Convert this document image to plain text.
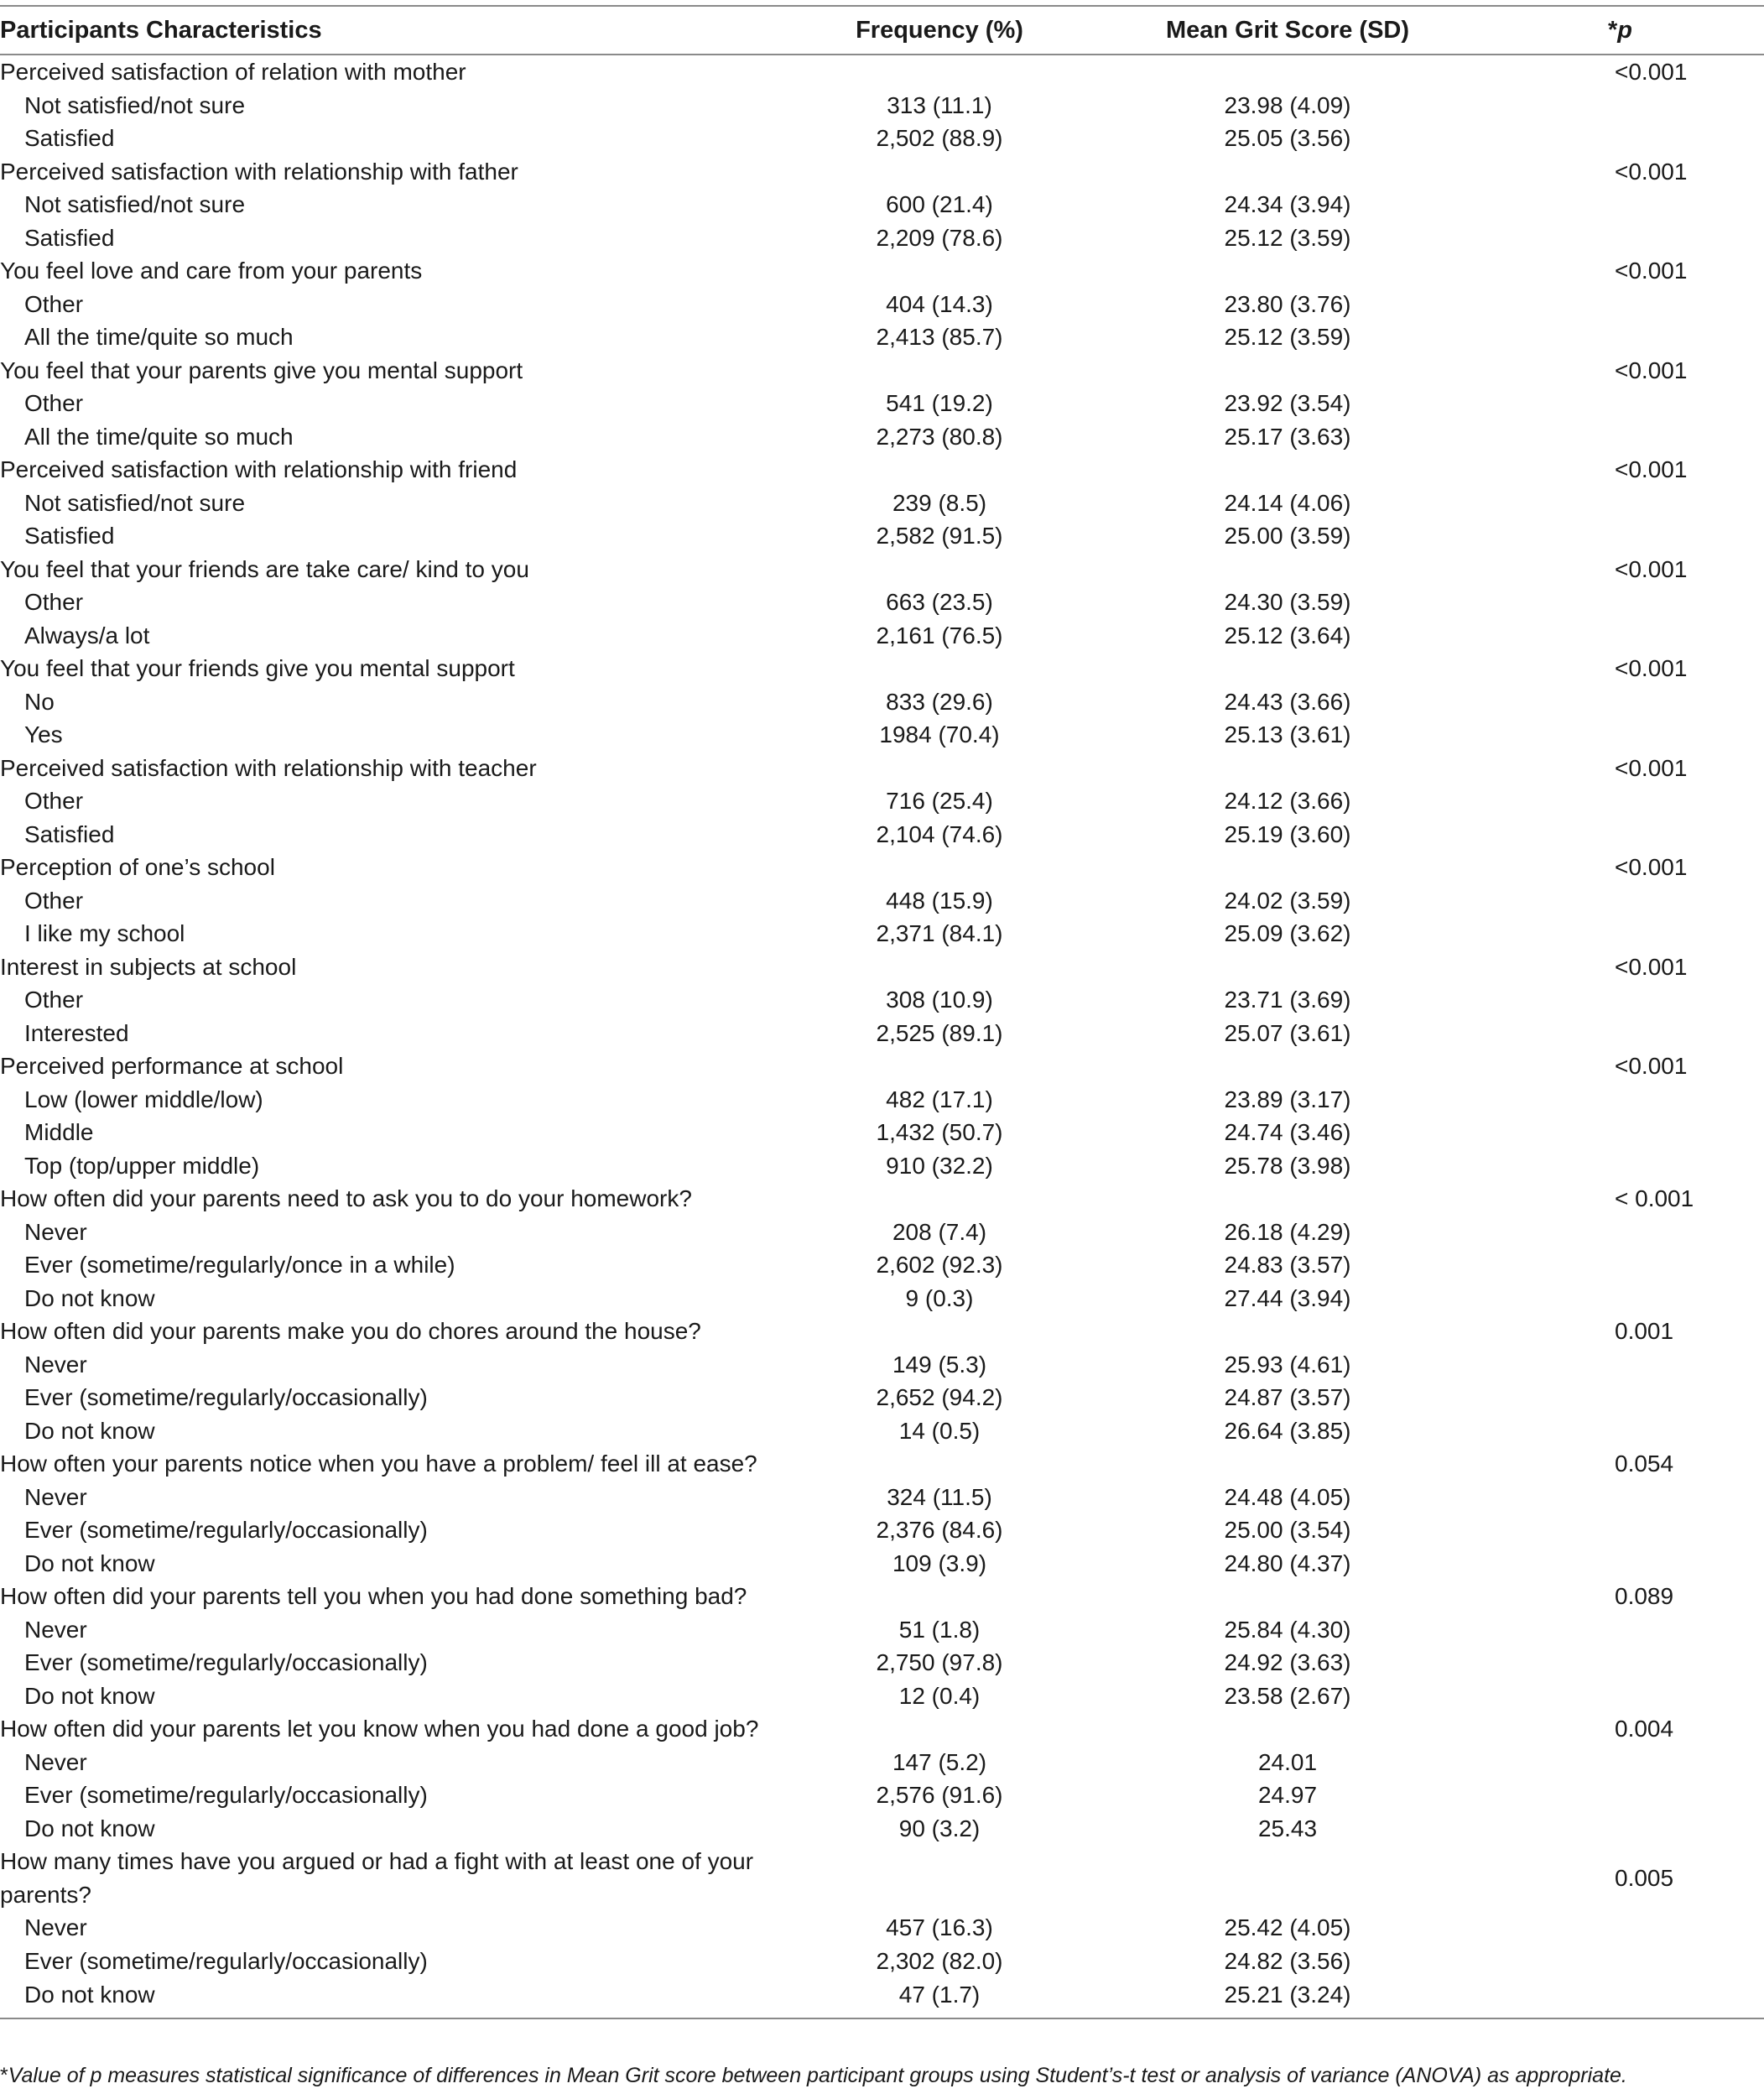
Participants Characteristics	Frequency (%)	Mean Grit Score (SD)	*p
Perceived satisfaction of relation with mother			<0.001
Not satisfied/not sure	313 (11.1)	23.98 (4.09)	
Satisfied	2,502 (88.9)	25.05 (3.56)	
Perceived satisfaction with relationship with father			<0.001
Not satisfied/not sure	600 (21.4)	24.34 (3.94)	
Satisfied	2,209 (78.6)	25.12 (3.59)	
You feel love and care from your parents			<0.001
Other	404 (14.3)	23.80 (3.76)	
All the time/quite so much	2,413 (85.7)	25.12 (3.59)	
You feel that your parents give you mental support			<0.001
Other	541 (19.2)	23.92 (3.54)	
All the time/quite so much	2,273 (80.8)	25.17 (3.63)	
Perceived satisfaction with relationship with friend			<0.001
Not satisfied/not sure	239 (8.5)	24.14 (4.06)	
Satisfied	2,582 (91.5)	25.00 (3.59)	
You feel that your friends are take care/ kind to you			<0.001
Other	663 (23.5)	24.30 (3.59)	
Always/a lot	2,161 (76.5)	25.12 (3.64)	
You feel that your friends give you mental support			<0.001
No	833 (29.6)	24.43 (3.66)	
Yes	1984 (70.4)	25.13 (3.61)	
Perceived satisfaction with relationship with teacher			<0.001
Other	716 (25.4)	24.12 (3.66)	
Satisfied	2,104 (74.6)	25.19 (3.60)	
Perception of one’s school			<0.001
Other	448 (15.9)	24.02 (3.59)	
I like my school	2,371 (84.1)	25.09 (3.62)	
Interest in subjects at school			<0.001
Other	308 (10.9)	23.71 (3.69)	
Interested	2,525 (89.1)	25.07 (3.61)	
Perceived performance at school			<0.001
Low (lower middle/low)	482 (17.1)	23.89 (3.17)	
Middle	1,432 (50.7)	24.74 (3.46)	
Top (top/upper middle)	910 (32.2)	25.78 (3.98)	
How often did your parents need to ask you to do your homework?			< 0.001
Never	208 (7.4)	26.18 (4.29)	
Ever (sometime/regularly/once in a while)	2,602 (92.3)	24.83 (3.57)	
Do not know	9 (0.3)	27.44 (3.94)	
How often did your parents make you do chores around the house?			0.001
Never	149 (5.3)	25.93 (4.61)	
Ever (sometime/regularly/occasionally)	2,652 (94.2)	24.87 (3.57)	
Do not know	14 (0.5)	26.64 (3.85)	
How often your parents notice when you have a problem/ feel ill at ease?			0.054
Never	324 (11.5)	24.48 (4.05)	
Ever (sometime/regularly/occasionally)	2,376 (84.6)	25.00 (3.54)	
Do not know	109 (3.9)	24.80 (4.37)	
How often did your parents tell you when you had done something bad?			0.089
Never	51 (1.8)	25.84 (4.30)	
Ever (sometime/regularly/occasionally)	2,750 (97.8)	24.92 (3.63)	
Do not know	12 (0.4)	23.58 (2.67)	
How often did your parents let you know when you had done a good job?			0.004
Never	147 (5.2)	24.01	
Ever (sometime/regularly/occasionally)	2,576 (91.6)	24.97	
Do not know	90 (3.2)	25.43	
How many times have you argued or had a fight with at least one of your parents?			0.005
Never	457 (16.3)	25.42 (4.05)	
Ever (sometime/regularly/occasionally)	2,302 (82.0)	24.82 (3.56)	
Do not know	47 (1.7)	25.21 (3.24)	
*Value of p measures statistical significance of differences in Mean Grit score between participant groups using Student’s-t test or analysis of variance (ANOVA) as appropriate.
